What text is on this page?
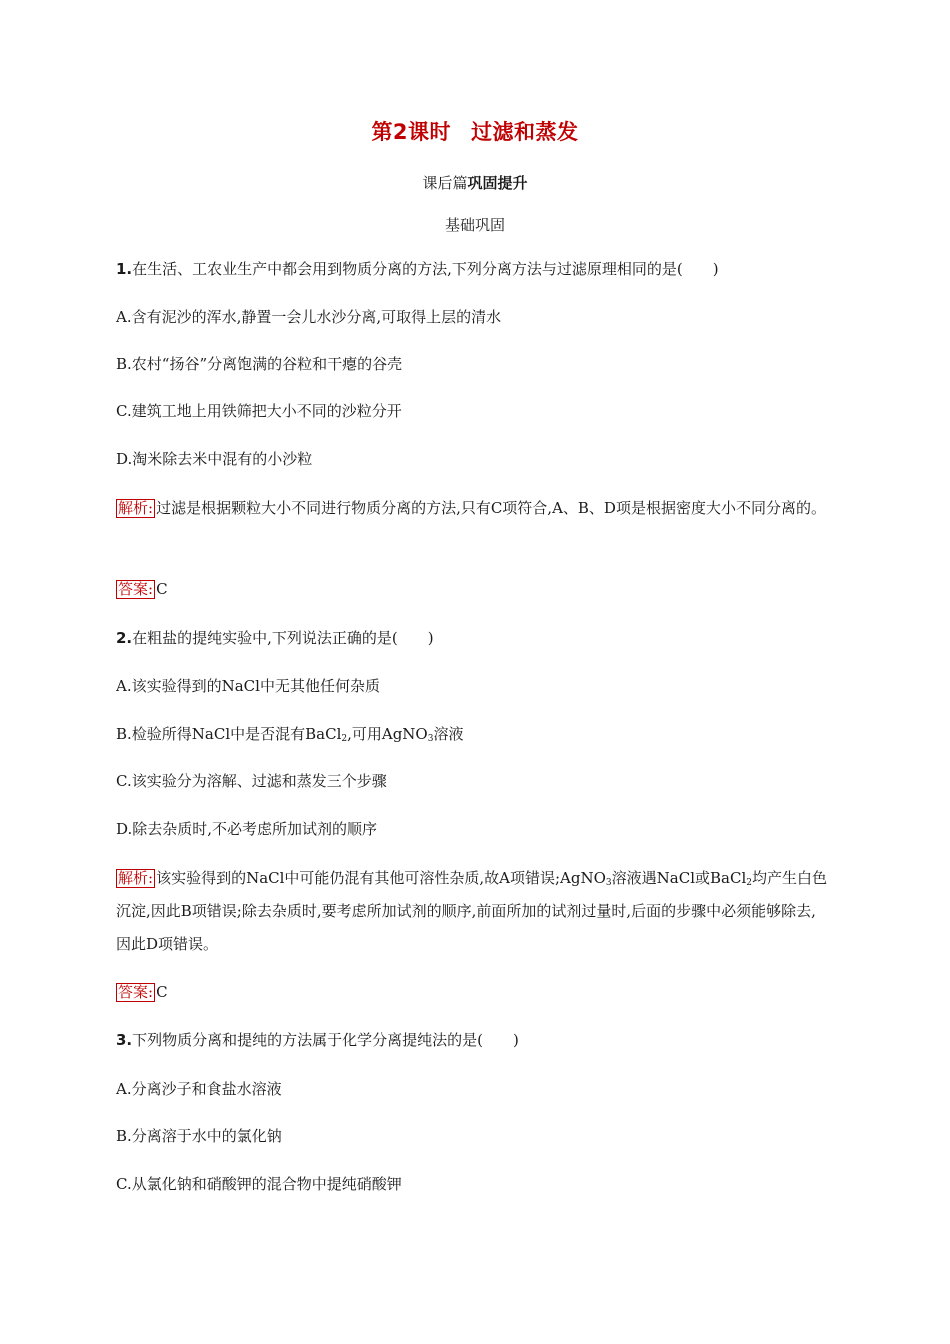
第2课时 过滤和蒸发
课后篇巩固提升
基础巩固
1.在生活、工农业生产中都会用到物质分离的方法,下列分离方法与过滤原理相同的是(　　)
A.含有泥沙的浑水,静置一会儿水沙分离,可取得上层的清水
B.农村“扬谷”分离饱满的谷粒和干瘪的谷壳
C.建筑工地上用铁筛把大小不同的沙粒分开
D.淘米除去米中混有的小沙粒
解析: 过滤是根据颗粒大小不同进行物质分离的方法,只有C项符合,A、B、D项是根据密度大小不同分离的。
答案: C
2.在粗盐的提纯实验中,下列说法正确的是(　　)
A.该实验得到的NaCl中无其他任何杂质
B.检验所得NaCl中是否混有BaCl$_2$,可用AgNO$_3$溶液
C.该实验分为溶解、过滤和蒸发三个步骤
D.除去杂质时,不必考虑所加试剂的顺序
解析: 该实验得到的NaCl中可能仍混有其他可溶性杂质,故A项错误;AgNO$_3$溶液遇NaCl或BaCl$_2$均产生白色沉淀,因此B项错误;除去杂质时,要考虑所加试剂的顺序,前面所加的试剂过量时,后面的步骤中必须能够除去,因此D项错误。
答案: C
3.下列物质分离和提纯的方法属于化学分离提纯法的是(　　)
A.分离沙子和食盐水溶液
B.分离溶于水中的氯化钠
C.从氯化钠和硝酸钾的混合物中提纯硝酸钾
